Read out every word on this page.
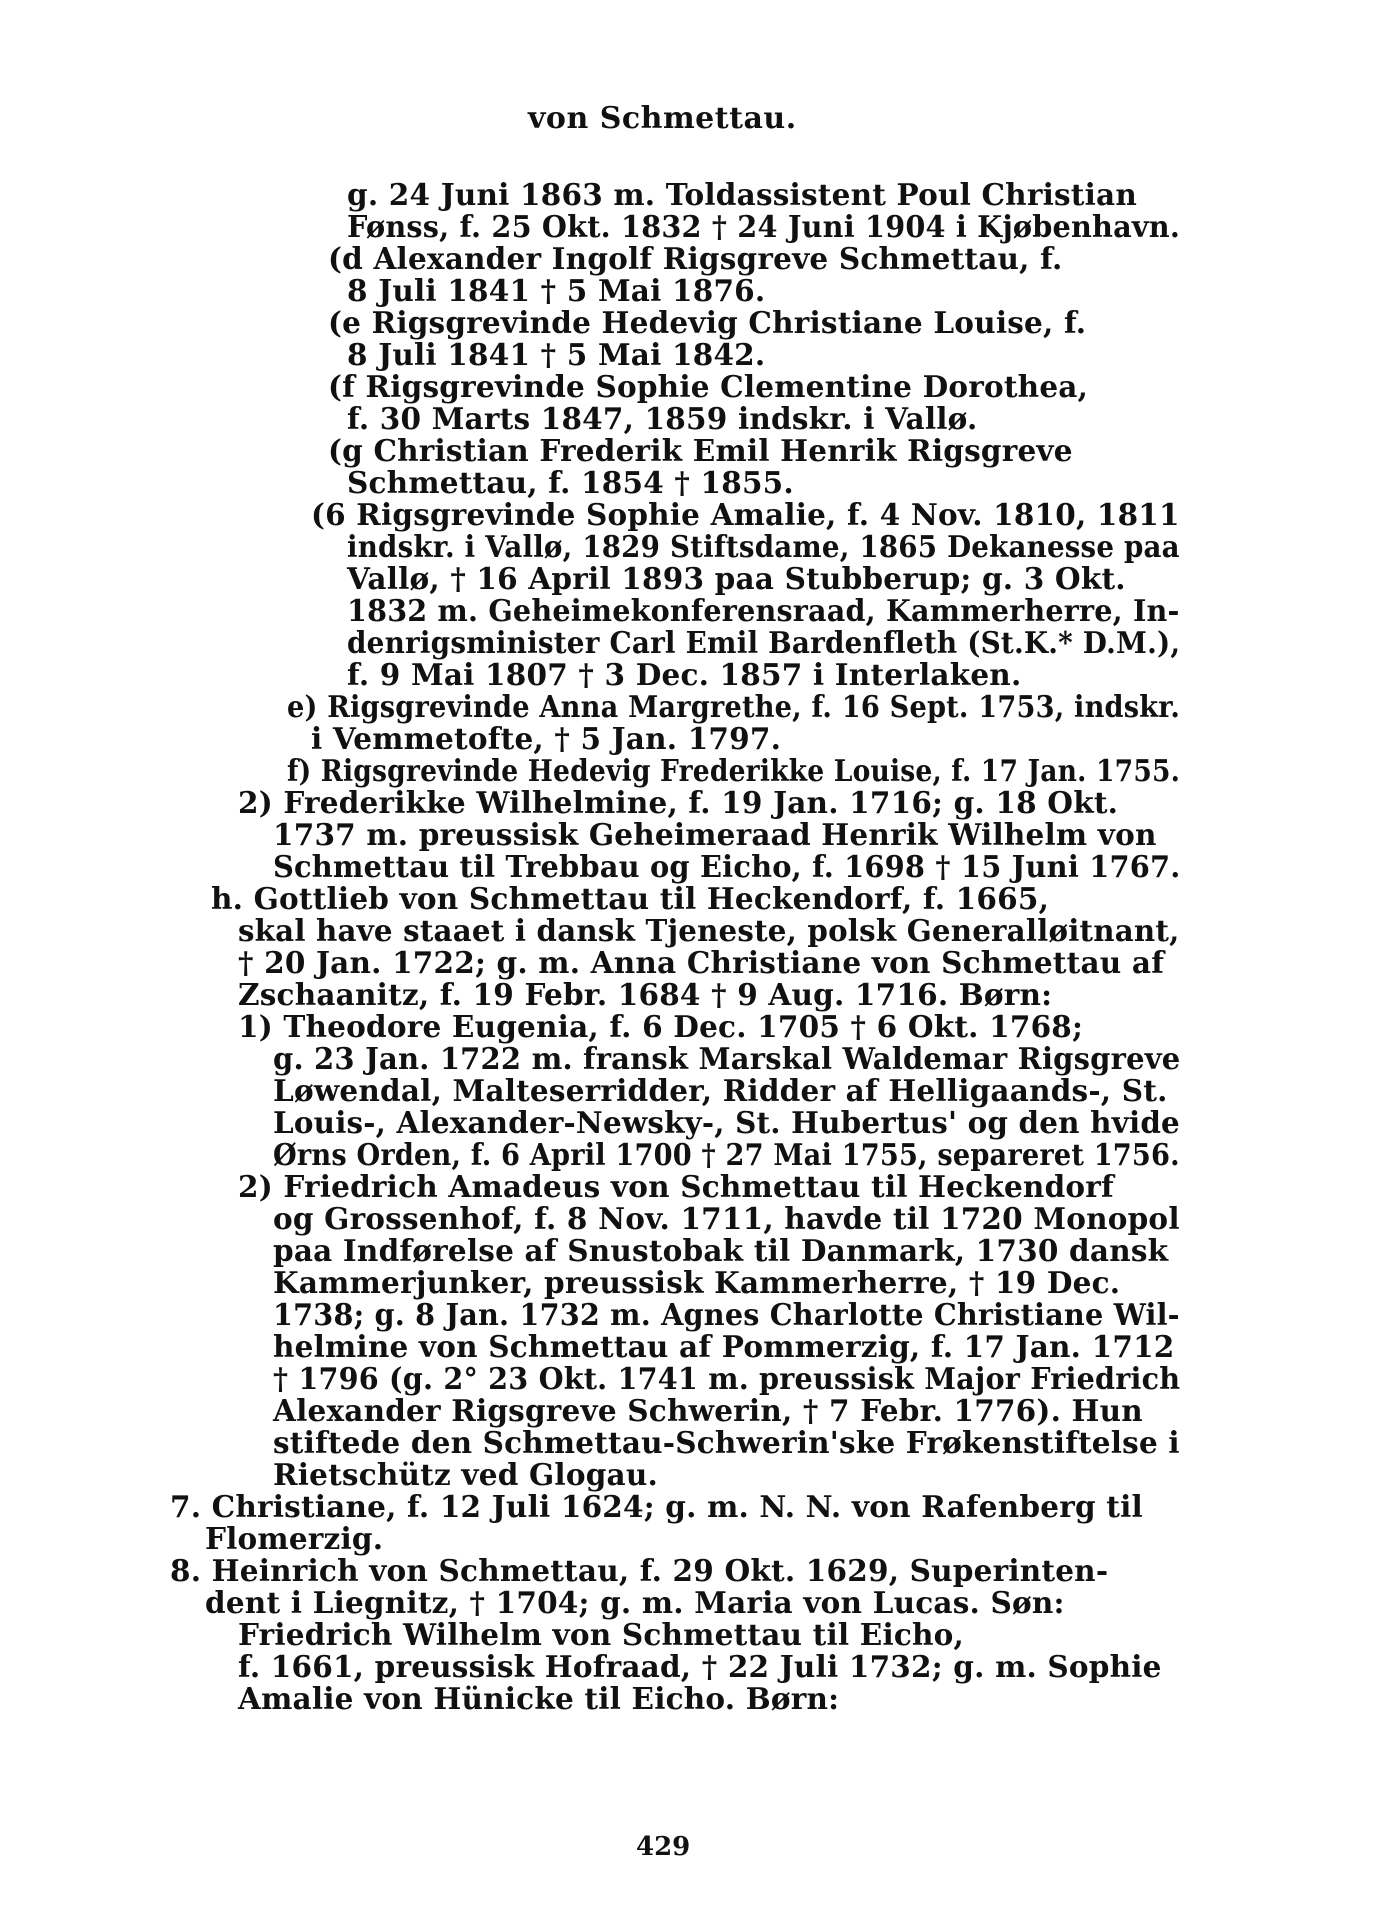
von Schmettau.
g. 24 Juni 1863 m. Toldassistent Poul Christian
Fønss, f. 25 Okt. 1832 † 24 Juni 1904 i Kjøbenhavn.
(d Alexander Ingolf Rigsgreve Schmettau, f.
8 Juli 1841 † 5 Mai 1876.
(e Rigsgrevinde Hedevig Christiane Louise, f.
8 Juli 1841 † 5 Mai 1842.
(f Rigsgrevinde Sophie Clementine Dorothea,
f. 30 Marts 1847, 1859 indskr. i Vallø.
(g Christian Frederik Emil Henrik Rigsgreve
Schmettau, f. 1854 † 1855.
(6 Rigsgrevinde Sophie Amalie, f. 4 Nov. 1810, 1811
indskr. i Vallø, 1829 Stiftsdame, 1865 Dekanesse paa
Vallø, † 16 April 1893 paa Stubberup; g. 3 Okt.
1832 m. Geheimekonferensraad, Kammerherre, In-
denrigsminister Carl Emil Bardenfleth (St.K.* D.M.),
f. 9 Mai 1807 † 3 Dec. 1857 i Interlaken.
e) Rigsgrevinde Anna Margrethe, f. 16 Sept. 1753, indskr.
i Vemmetofte, † 5 Jan. 1797.
f) Rigsgrevinde Hedevig Frederikke Louise, f. 17 Jan. 1755.
2) Frederikke Wilhelmine, f. 19 Jan. 1716; g. 18 Okt.
1737 m. preussisk Geheimeraad Henrik Wilhelm von
Schmettau til Trebbau og Eicho, f. 1698 † 15 Juni 1767.
h. Gottlieb von Schmettau til Heckendorf, f. 1665,
skal have staaet i dansk Tjeneste, polsk Generalløitnant,
† 20 Jan. 1722; g. m. Anna Christiane von Schmettau af
Zschaanitz, f. 19 Febr. 1684 † 9 Aug. 1716. Børn:
1) Theodore Eugenia, f. 6 Dec. 1705 † 6 Okt. 1768;
g. 23 Jan. 1722 m. fransk Marskal Waldemar Rigsgreve
Løwendal, Malteserridder, Ridder af Helligaands-, St.
Louis-, Alexander-Newsky-, St. Hubertus' og den hvide
Ørns Orden, f. 6 April 1700 † 27 Mai 1755, separeret 1756.
2) Friedrich Amadeus von Schmettau til Heckendorf
og Grossenhof, f. 8 Nov. 1711, havde til 1720 Monopol
paa Indførelse af Snustobak til Danmark, 1730 dansk
Kammerjunker, preussisk Kammerherre, † 19 Dec.
1738; g. 8 Jan. 1732 m. Agnes Charlotte Christiane Wil-
helmine von Schmettau af Pommerzig, f. 17 Jan. 1712
† 1796 (g. 2° 23 Okt. 1741 m. preussisk Major Friedrich
Alexander Rigsgreve Schwerin, † 7 Febr. 1776). Hun
stiftede den Schmettau-Schwerin'ske Frøkenstiftelse i
Rietschütz ved Glogau.
7. Christiane, f. 12 Juli 1624; g. m. N. N. von Rafenberg til
Flomerzig.
8. Heinrich von Schmettau, f. 29 Okt. 1629, Superinten-
dent i Liegnitz, † 1704; g. m. Maria von Lucas. Søn:
Friedrich Wilhelm von Schmettau til Eicho,
f. 1661, preussisk Hofraad, † 22 Juli 1732; g. m. Sophie
Amalie von Hünicke til Eicho. Børn:
429
